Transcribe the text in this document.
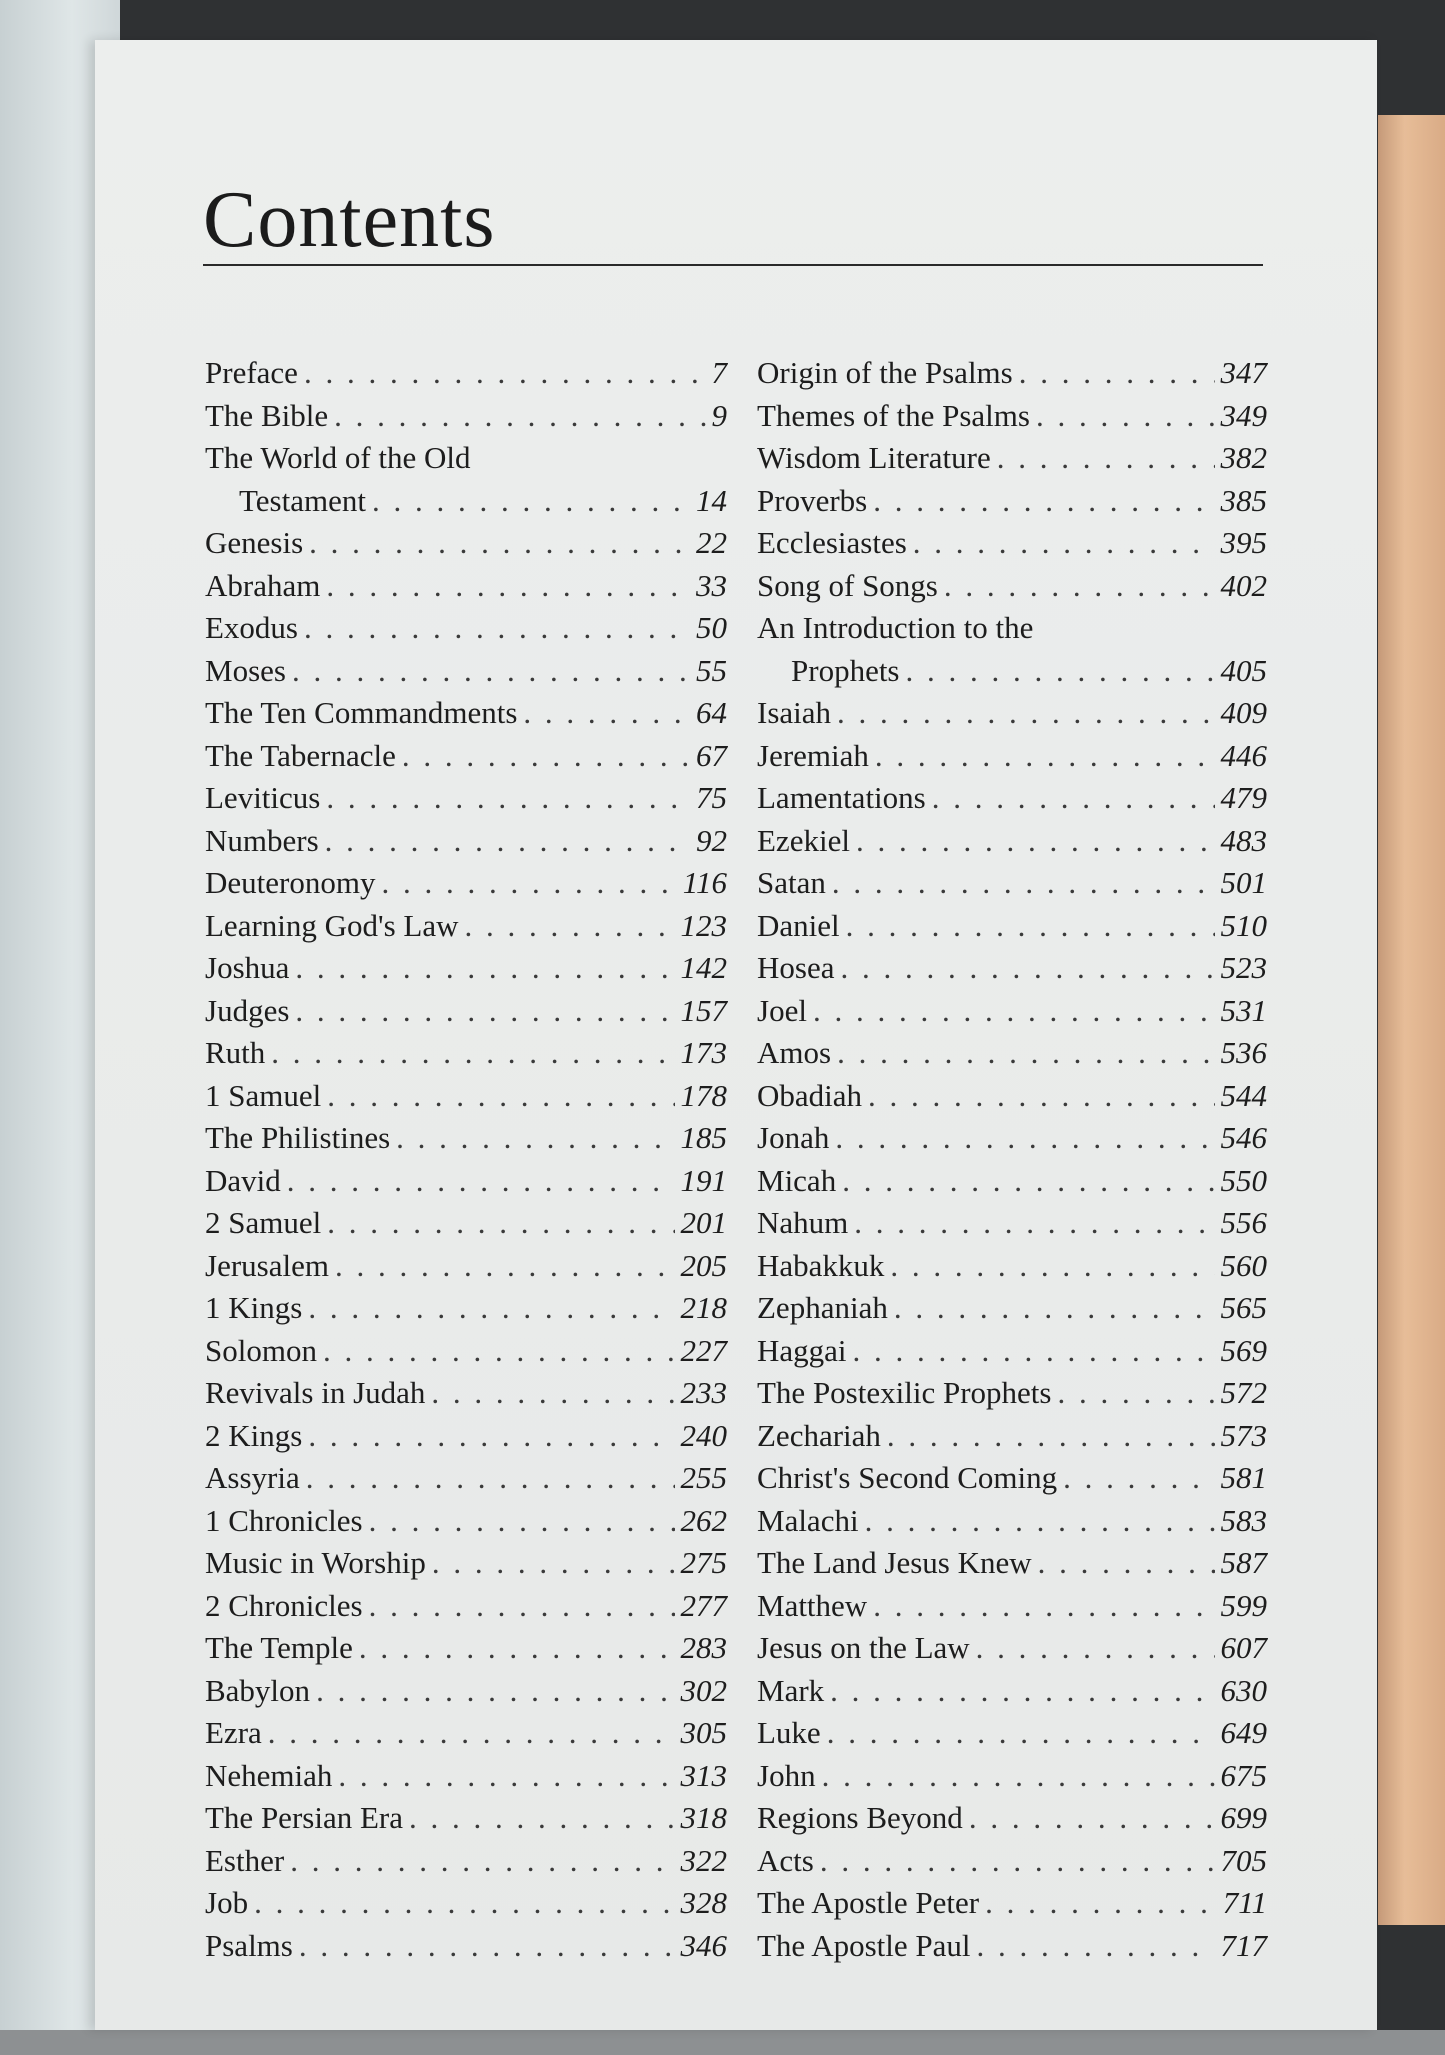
Contents
Preface . . .	7
The Bible . . .	9
The World of the Old
Testament . . .	14
Genesis . . .	22
Abraham . . .	33
Exodus . . .	50
Moses . . .	55
The Ten Commandments . . .	64
The Tabernacle . . .	67
Leviticus . . .	75
Numbers . . .	92
Deuteronomy . . .	116
Learning God's Law . . .	123
Joshua . . .	142
Judges . . .	157
Ruth . . .	173
1 Samuel . . .	178
The Philistines . . .	185
David . . .	191
2 Samuel . . .	201
Jerusalem . . .	205
1 Kings . . .	218
Solomon . . .	227
Revivals in Judah . . .	233
2 Kings . . .	240
Assyria . . .	255
1 Chronicles . . .	262
Music in Worship . . .	275
2 Chronicles . . .	277
The Temple . . .	283
Babylon . . .	302
Ezra . . .	305
Nehemiah . . .	313
The Persian Era . . .	318
Esther . . .	322
Job . . .	328
Psalms . . .	346
Origin of the Psalms . . .	347
Themes of the Psalms . . .	349
Wisdom Literature . . .	382
Proverbs . . .	385
Ecclesiastes . . .	395
Song of Songs . . .	402
An Introduction to the
Prophets . . .	405
Isaiah . . .	409
Jeremiah . . .	446
Lamentations . . .	479
Ezekiel . . .	483
Satan . . .	501
Daniel . . .	510
Hosea . . .	523
Joel . . .	531
Amos . . .	536
Obadiah . . .	544
Jonah . . .	546
Micah . . .	550
Nahum . . .	556
Habakkuk . . .	560
Zephaniah . . .	565
Haggai . . .	569
The Postexilic Prophets . . .	572
Zechariah . . .	573
Christ's Second Coming . . .	581
Malachi . . .	583
The Land Jesus Knew . . .	587
Matthew . . .	599
Jesus on the Law . . .	607
Mark . . .	630
Luke . . .	649
John . . .	675
Regions Beyond . . .	699
Acts . . .	705
The Apostle Peter . . .	711
The Apostle Paul . . .	717
